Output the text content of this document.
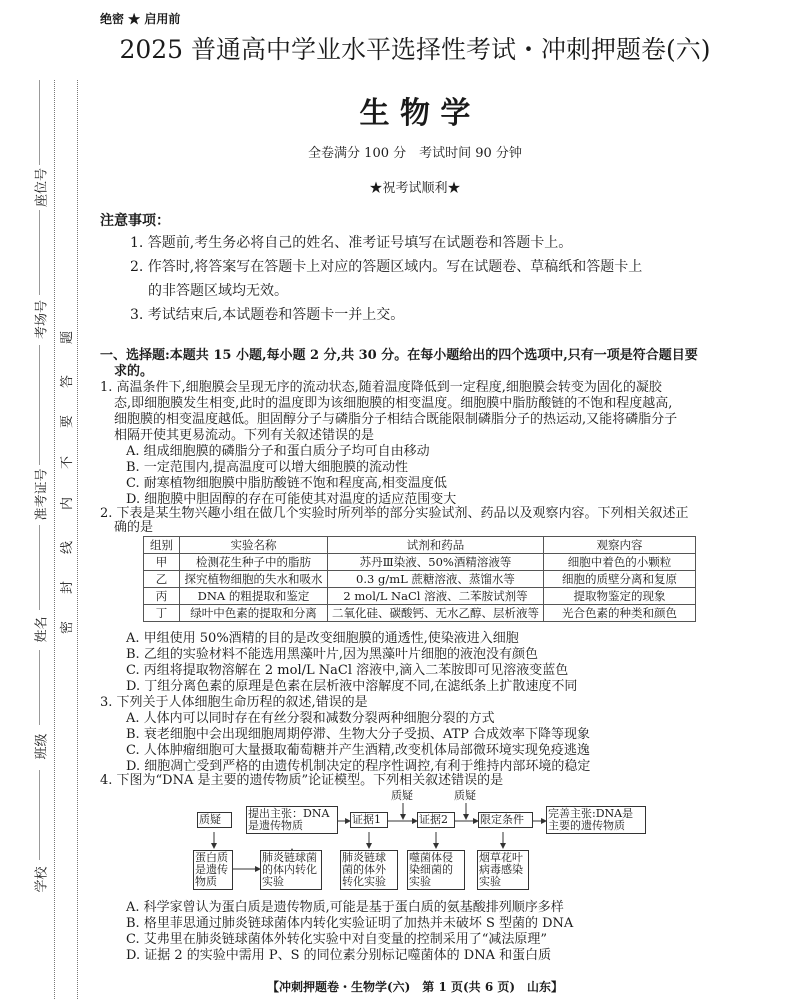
座位号
考场号
准考证号
姓名
班级
学校
题
答
要
不
内
线
封
密
绝密 ★ 启用前
2025 普通高中学业水平选择性考试・冲刺押题卷(六)
生 物 学
全卷满分 100 分　考试时间 90 分钟
★祝考试顺利★
注意事项：
1. 答题前,考生务必将自己的姓名、准考证号填写在试题卷和答题卡上。
2. 作答时,将答案写在答题卡上对应的答题区域内。写在试题卷、草稿纸和答题卡上
的非答题区域均无效。
3. 考试结束后,本试题卷和答题卡一并上交。
一、选择题:本题共 15 小题,每小题 2 分,共 30 分。在每小题给出的四个选项中,只有一项是符合题目要
求的。
1. 高温条件下,细胞膜会呈现无序的流动状态,随着温度降低到一定程度,细胞膜会转变为固化的凝胶
态,即细胞膜发生相变,此时的温度即为该细胞膜的相变温度。细胞膜中脂肪酸链的不饱和程度越高,
细胞膜的相变温度越低。胆固醇分子与磷脂分子相结合既能限制磷脂分子的热运动,又能将磷脂分子
相隔开使其更易流动。下列有关叙述错误的是
A. 组成细胞膜的磷脂分子和蛋白质分子均可自由移动
B. 一定范围内,提高温度可以增大细胞膜的流动性
C. 耐寒植物细胞膜中脂肪酸链不饱和程度高,相变温度低
D. 细胞膜中胆固醇的存在可能使其对温度的适应范围变大
2. 下表是某生物兴趣小组在做几个实验时所列举的部分实验试剂、药品以及观察内容。下列相关叙述正
确的是
组别	实验名称	试剂和药品	观察内容
甲	检测花生种子中的脂肪	苏丹Ⅲ染液、50%酒精溶液等	细胞中着色的小颗粒
乙	探究植物细胞的失水和吸水	0.3 g/mL 蔗糖溶液、蒸馏水等	细胞的质壁分离和复原
丙	DNA 的粗提取和鉴定	2 mol/L NaCl 溶液、二苯胺试剂等	提取物鉴定的现象
丁	绿叶中色素的提取和分离	二氧化硅、碳酸钙、无水乙醇、层析液等	光合色素的种类和颜色
A. 甲组使用 50%酒精的目的是改变细胞膜的通透性,使染液进入细胞
B. 乙组的实验材料不能选用黑藻叶片,因为黑藻叶片细胞的液泡没有颜色
C. 丙组将提取物溶解在 2 mol/L NaCl 溶液中,滴入二苯胺即可见溶液变蓝色
D. 丁组分离色素的原理是色素在层析液中溶解度不同,在滤纸条上扩散速度不同
3. 下列关于人体细胞生命历程的叙述,错误的是
A. 人体内可以同时存在有丝分裂和减数分裂两种细胞分裂的方式
B. 衰老细胞中会出现细胞周期停滞、生物大分子受损、ATP 合成效率下降等现象
C. 人体肿瘤细胞可大量摄取葡萄糖并产生酒精,改变机体局部微环境实现免疫逃逸
D. 细胞凋亡受到严格的由遗传机制决定的程序性调控,有利于维持内部环境的稳定
4. 下图为“DNA 是主要的遗传物质”论证模型。下列相关叙述错误的是
质疑	质疑
质疑	提出主张：DNA是遗传物质	证据1	证据2	限定条件	完善主张:DNA是主要的遗传物质
蛋白质是遗传物质
肺炎链球菌的体内转化实验
肺炎链球菌的体外转化实验
噬菌体侵染细菌的实验
烟草花叶病毒感染实验
A. 科学家曾认为蛋白质是遗传物质,可能是基于蛋白质的氨基酸排列顺序多样
B. 格里菲思通过肺炎链球菌体内转化实验证明了加热并未破坏 S 型菌的 DNA
C. 艾弗里在肺炎链球菌体外转化实验中对自变量的控制采用了“减法原理”
D. 证据 2 的实验中需用 P、S 的同位素分别标记噬菌体的 DNA 和蛋白质
【冲刺押题卷・生物学(六)　第 1 页(共 6 页)　山东】
